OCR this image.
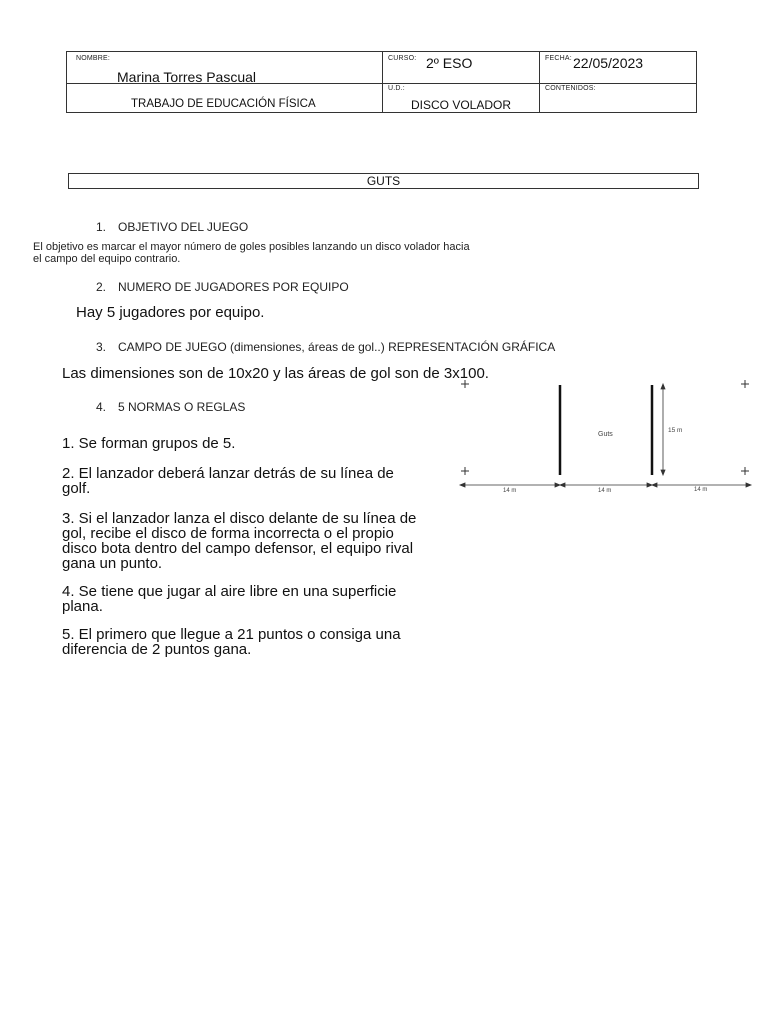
NOMBRE:
Marina Torres Pascual
CURSO: 2º ESO	FECHA: 22/05/2023
TRABAJO DE EDUCACIÓN FÍSICA
U.D.:
DISCO VOLADOR
CONTENIDOS:
GUTS
1. OBJETIVO DEL JUEGO
El objetivo es marcar el mayor número de goles posibles lanzando un disco volador hacia
el campo del equipo contrario.
2. NUMERO DE JUGADORES POR EQUIPO
Hay 5 jugadores por equipo.
3. CAMPO DE JUEGO (dimensiones, áreas de gol..) REPRESENTACIÓN GRÁFICA
Las dimensiones son de 10x20 y las áreas de gol son de 3x100.
4. 5 NORMAS O REGLAS
1. Se forman grupos de 5.
2. El lanzador deberá lanzar detrás de su línea de
golf.
3. Si el lanzador lanza el disco delante de su línea de
gol, recibe el disco de forma incorrecta o el propio
disco bota dentro del campo defensor, el equipo rival
gana un punto.
4. Se tiene que jugar al aire libre en una superficie
plana.
5. El primero que llegue a 21 puntos o consiga una
diferencia de 2 puntos gana.
15 m
Guts
14 m	14 m	14 m
